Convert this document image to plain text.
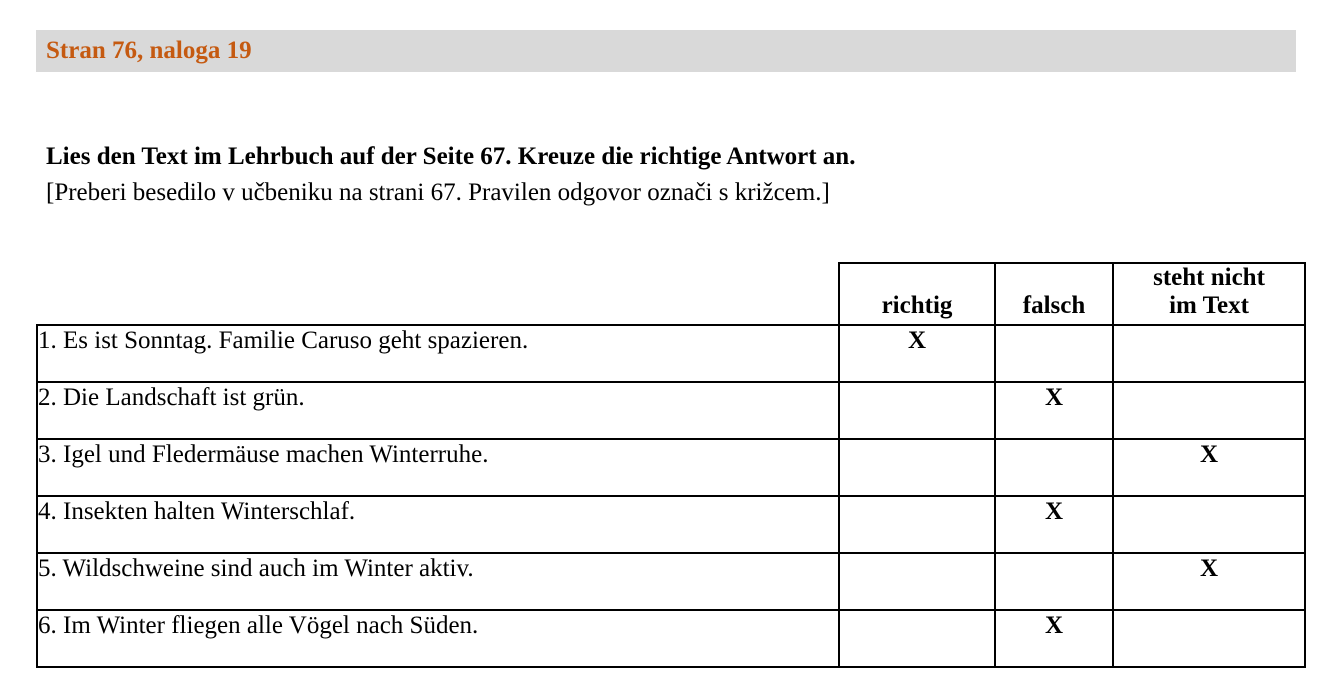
Stran 76, naloga 19
Lies den Text im Lehrbuch auf der Seite 67. Kreuze die richtige Antwort an.
[Preberi besedilo v učbeniku na strani 67. Pravilen odgovor označi s križcem.]
	richtig	falsch	steht nicht
im Text

1. Es ist Sonntag. Familie Caruso geht spazieren.	X		
2. Die Landschaft ist grün.		X	
3. Igel und Fledermäuse machen Winterruhe.			X
4. Insekten halten Winterschlaf.		X	
5. Wildschweine sind auch im Winter aktiv.			X
6. Im Winter fliegen alle Vögel nach Süden.		X	
